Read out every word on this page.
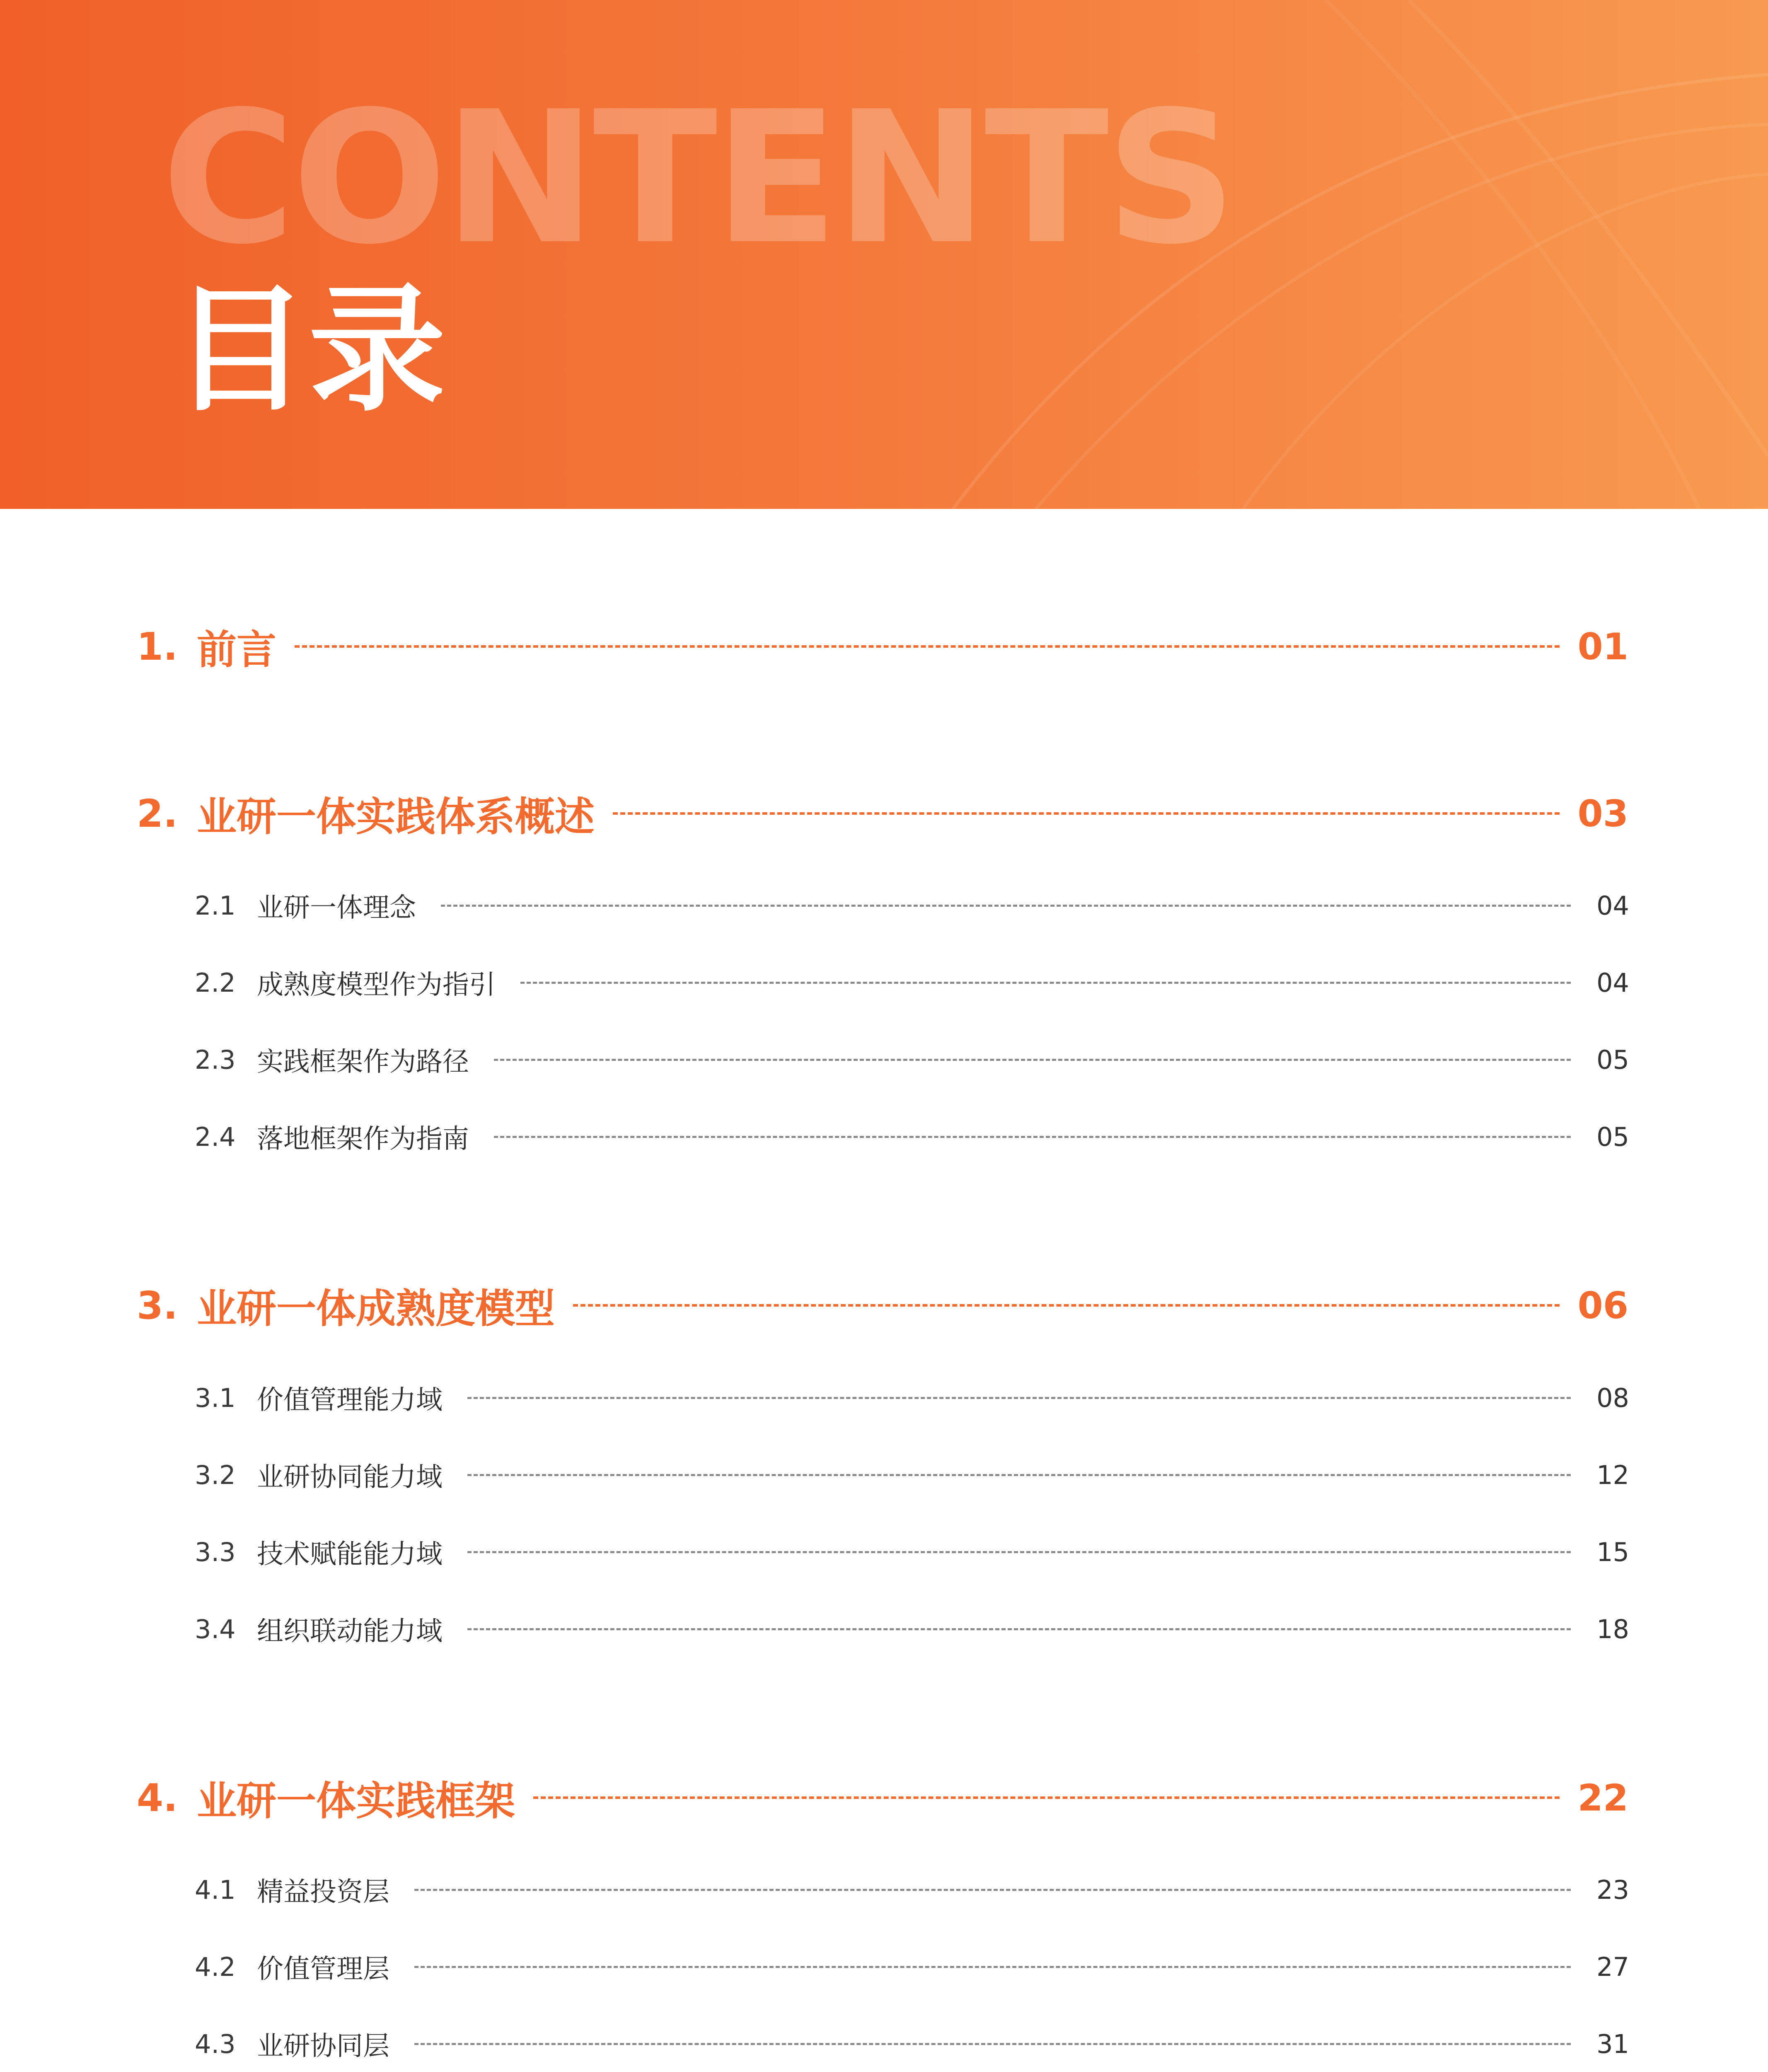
CONTENTS
目录
1. 前言	01
2. 业研一体实践体系概述	03
2.1 业研一体理念	04
2.2 成熟度模型作为指引	04
2.3 实践框架作为路径	05
2.4 落地框架作为指南	05
3. 业研一体成熟度模型	06
3.1 价值管理能力域	08
3.2 业研协同能力域	12
3.3 技术赋能能力域	15
3.4 组织联动能力域	18
4. 业研一体实践框架	22
4.1 精益投资层	23
4.2 价值管理层	27
4.3 业研协同层	31
